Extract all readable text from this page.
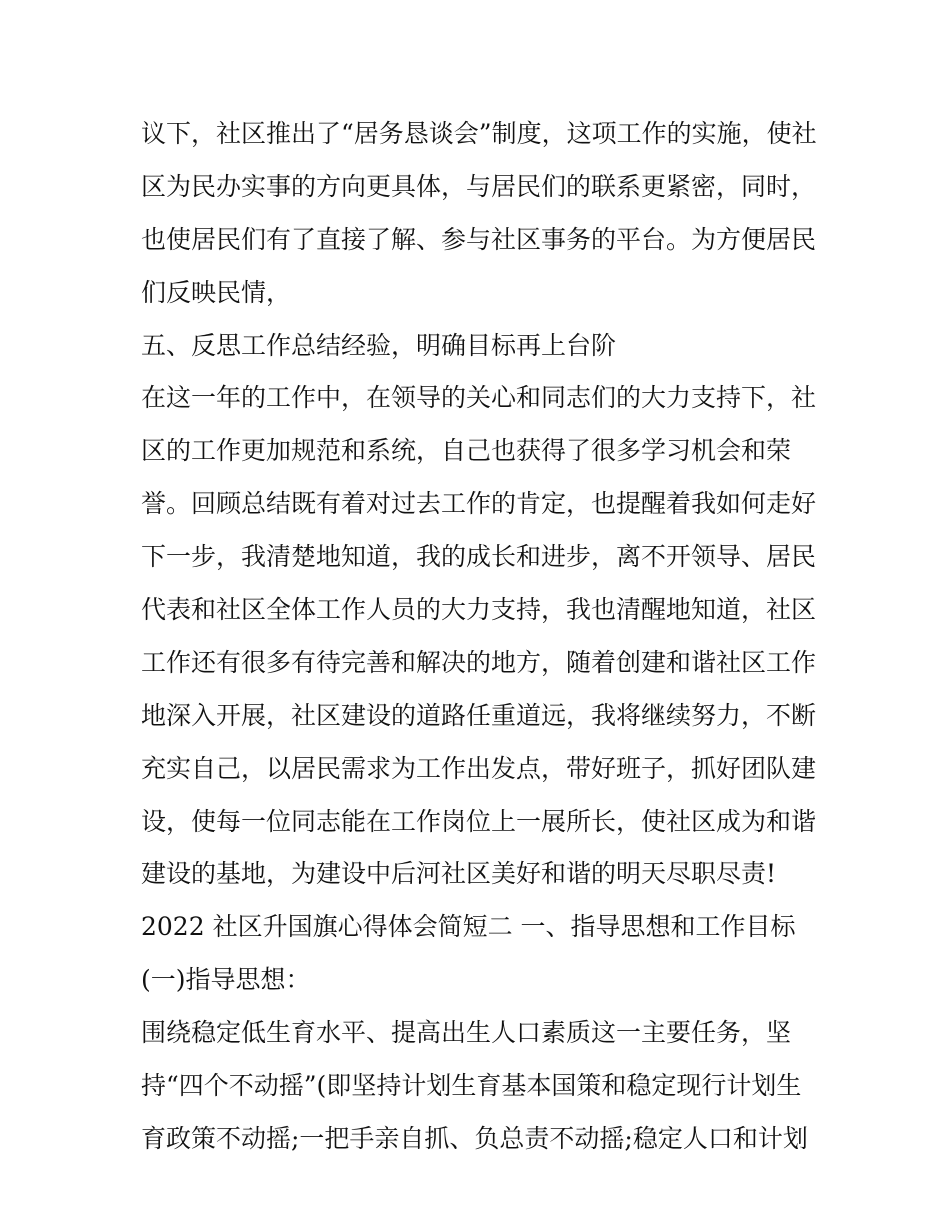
议下，社区推出了“居务恳谈会”制度，这项工作的实施，使社
区为民办实事的方向更具体，与居民们的联系更紧密，同时，
也使居民们有了直接了解、参与社区事务的平台。为方便居民
们反映民情，
五、反思工作总结经验，明确目标再上台阶
在这一年的工作中，在领导的关心和同志们的大力支持下，社
区的工作更加规范和系统，自己也获得了很多学习机会和荣
誉。回顾总结既有着对过去工作的肯定，也提醒着我如何走好
下一步，我清楚地知道，我的成长和进步，离不开领导、居民
代表和社区全体工作人员的大力支持，我也清醒地知道，社区
工作还有很多有待完善和解决的地方，随着创建和谐社区工作
地深入开展，社区建设的道路任重道远，我将继续努力，不断
充实自己，以居民需求为工作出发点，带好班子，抓好团队建
设，使每一位同志能在工作岗位上一展所长，使社区成为和谐
建设的基地，为建设中后河社区美好和谐的明天尽职尽责!
2022 社区升国旗心得体会简短二 一、指导思想和工作目标
(一)指导思想：
围绕稳定低生育水平、提高出生人口素质这一主要任务，坚
持“四个不动摇”(即坚持计划生育基本国策和稳定现行计划生
育政策不动摇;一把手亲自抓、负总责不动摇;稳定人口和计划
